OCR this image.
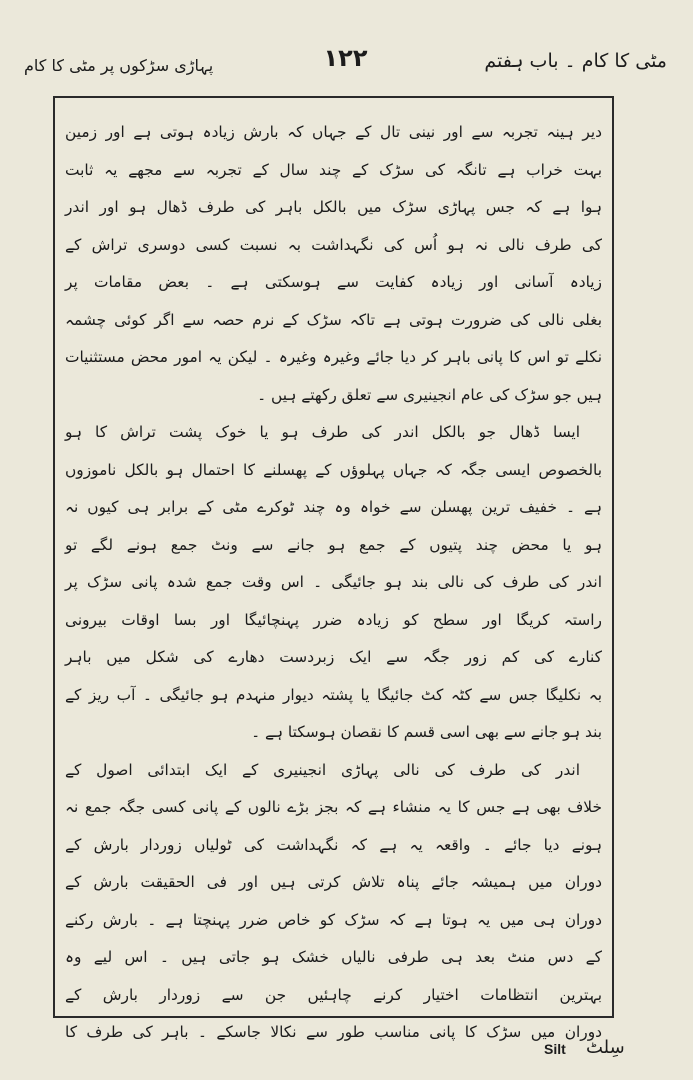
مٹی کا کام ۔ باب ہفتم
۱۲۲
پہاڑی سڑکوں پر مٹی کا کام
دیر ہینہ تجربہ سے اور نینی تال کے جہاں کہ بارش زیادہ ہوتی ہے اور زمین
بہت خراب ہے تانگہ کی سڑک کے چند سال کے تجربہ سے مجھے یہ ثابت
ہوا ہے کہ جس پہاڑی سڑک میں بالکل باہر کی طرف ڈھال ہو اور اندر
کی طرف نالی نہ ہو اُس کی نگہداشت بہ نسبت کسی دوسری تراش کے
زیادہ آسانی اور زیادہ کفایت سے ہوسکتی ہے ۔ بعض مقامات پر
بغلی نالی کی ضرورت ہوتی ہے تاکہ سڑک کے نرم حصہ سے اگر کوئی چشمہ
نکلے تو اس کا پانی باہر کر دیا جائے وغیرہ وغیرہ ۔ لیکن یہ امور محض مستثنیات
ہیں جو سڑک کی عام انجینیری سے تعلق رکھتے ہیں ۔
ایسا ڈھال جو بالکل اندر کی طرف ہو یا خوک پشت تراش کا ہو
بالخصوص ایسی جگہ کہ جہاں پہلوؤں کے پھسلنے کا احتمال ہو بالکل ناموزوں
ہے ۔ خفیف ترین پھسلن سے خواہ وہ چند ٹوکرے مٹی کے برابر ہی کیوں نہ
ہو یا محض چند پتیوں کے جمع ہو جانے سے ونٹ جمع ہونے لگے تو
اندر کی طرف کی نالی بند ہو جائیگی ۔ اس وقت جمع شدہ پانی سڑک پر
راستہ کریگا اور سطح کو زیادہ ضرر پہنچائیگا اور بسا اوقات بیرونی
کنارے کی کم زور جگہ سے ایک زبردست دھارے کی شکل میں باہر
بہ نکلیگا جس سے کٹہ کٹ جائیگا یا پشتہ دیوار منہدم ہو جائیگی ۔ آب ریز کے
بند ہو جانے سے بھی اسی قسم کا نقصان ہوسکتا ہے ۔
اندر کی طرف کی نالی پہاڑی انجینیری کے ایک ابتدائی اصول کے
خلاف بھی ہے جس کا یہ منشاء ہے کہ بجز بڑے نالوں کے پانی کسی جگہ جمع نہ
ہونے دیا جائے ۔ واقعہ یہ ہے کہ نگہداشت کی ٹولیاں زوردار بارش کے
دوران میں ہمیشہ جائے پناہ تلاش کرتی ہیں اور فی الحقیقت بارش کے
دوران ہی میں یہ ہوتا ہے کہ سڑک کو خاص ضرر پہنچتا ہے ۔ بارش رکنے
کے دس منٹ بعد ہی طرفی نالیاں خشک ہو جاتی ہیں ۔ اس لیے وہ
بہترین انتظامات اختیار کرنے چاہئیں جن سے زوردار بارش کے
دوران میں سڑک کا پانی مناسب طور سے نکالا جاسکے ۔ باہر کی طرف کا
Silt سِلٹ
